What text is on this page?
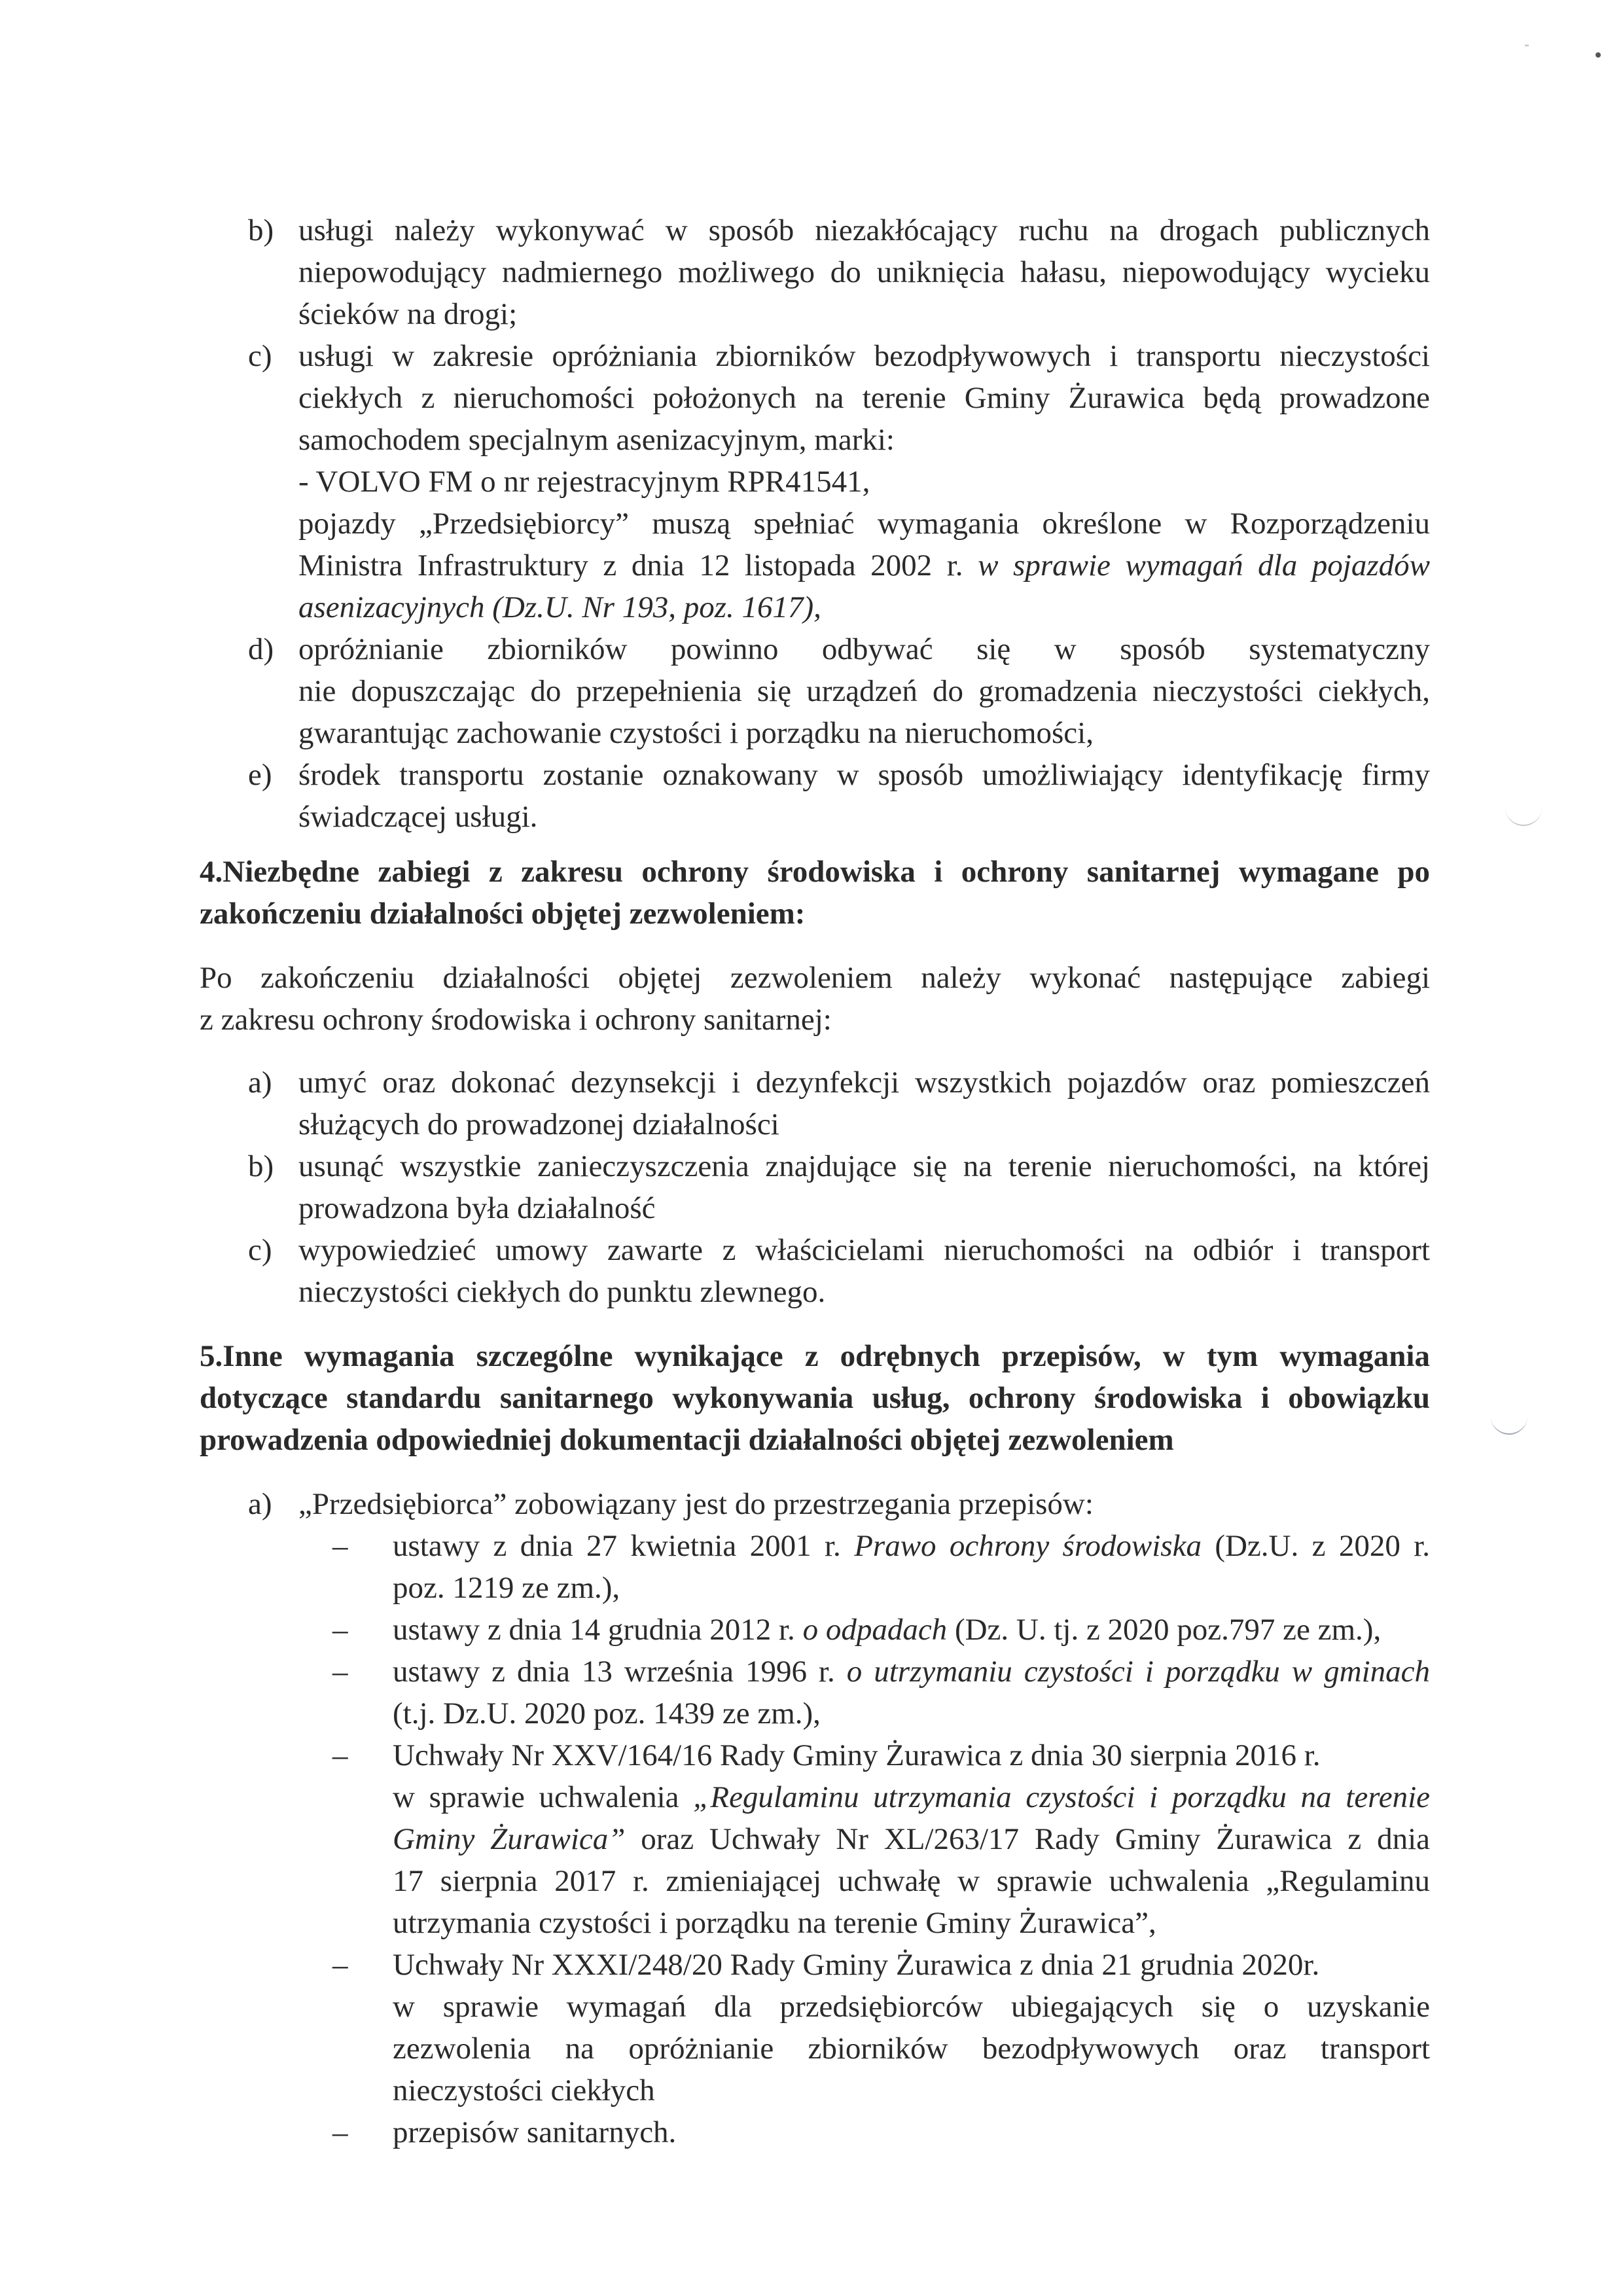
b) usługi należy wykonywać w sposób niezakłócający ruchu na drogach publicznych
niepowodujący nadmiernego możliwego do uniknięcia hałasu, niepowodujący wycieku
ścieków na drogi;
c) usługi w zakresie opróżniania zbiorników bezodpływowych i transportu nieczystości
ciekłych z nieruchomości położonych na terenie Gminy Żurawica będą prowadzone
samochodem specjalnym asenizacyjnym, marki:
- VOLVO FM o nr rejestracyjnym RPR41541,
pojazdy „Przedsiębiorcy” muszą spełniać wymagania określone w Rozporządzeniu
Ministra Infrastruktury z dnia 12 listopada 2002 r. w sprawie wymagań dla pojazdów
asenizacyjnych (Dz.U. Nr 193, poz. 1617),
d) opróżnianie zbiorników powinno odbywać się w sposób systematyczny
nie dopuszczając do przepełnienia się urządzeń do gromadzenia nieczystości ciekłych,
gwarantując zachowanie czystości i porządku na nieruchomości,
e) środek transportu zostanie oznakowany w sposób umożliwiający identyfikację firmy
świadczącej usługi.
4.Niezbędne zabiegi z zakresu ochrony środowiska i ochrony sanitarnej wymagane po
zakończeniu działalności objętej zezwoleniem:
Po zakończeniu działalności objętej zezwoleniem należy wykonać następujące zabiegi
z zakresu ochrony środowiska i ochrony sanitarnej:
a) umyć oraz dokonać dezynsekcji i dezynfekcji wszystkich pojazdów oraz pomieszczeń
służących do prowadzonej działalności
b) usunąć wszystkie zanieczyszczenia znajdujące się na terenie nieruchomości, na której
prowadzona była działalność
c) wypowiedzieć umowy zawarte z właścicielami nieruchomości na odbiór i transport
nieczystości ciekłych do punktu zlewnego.
5.Inne wymagania szczególne wynikające z odrębnych przepisów, w tym wymagania
dotyczące standardu sanitarnego wykonywania usług, ochrony środowiska i obowiązku
prowadzenia odpowiedniej dokumentacji działalności objętej zezwoleniem
a) „Przedsiębiorca” zobowiązany jest do przestrzegania przepisów:
– ustawy z dnia 27 kwietnia 2001 r. Prawo ochrony środowiska (Dz.U. z 2020 r.
poz. 1219 ze zm.),
– ustawy z dnia 14 grudnia 2012 r. o odpadach (Dz. U. tj. z 2020 poz.797 ze zm.),
– ustawy z dnia 13 września 1996 r. o utrzymaniu czystości i porządku w gminach
(t.j. Dz.U. 2020 poz. 1439 ze zm.),
– Uchwały Nr XXV/164/16 Rady Gminy Żurawica z dnia 30 sierpnia 2016 r.
w sprawie uchwalenia „Regulaminu utrzymania czystości i porządku na terenie
Gminy Żurawica” oraz Uchwały Nr XL/263/17 Rady Gminy Żurawica z dnia
17 sierpnia 2017 r. zmieniającej uchwałę w sprawie uchwalenia „Regulaminu
utrzymania czystości i porządku na terenie Gminy Żurawica”,
– Uchwały Nr XXXI/248/20 Rady Gminy Żurawica z dnia 21 grudnia 2020r.
w sprawie wymagań dla przedsiębiorców ubiegających się o uzyskanie
zezwolenia na opróżnianie zbiorników bezodpływowych oraz transport
nieczystości ciekłych
– przepisów sanitarnych.
